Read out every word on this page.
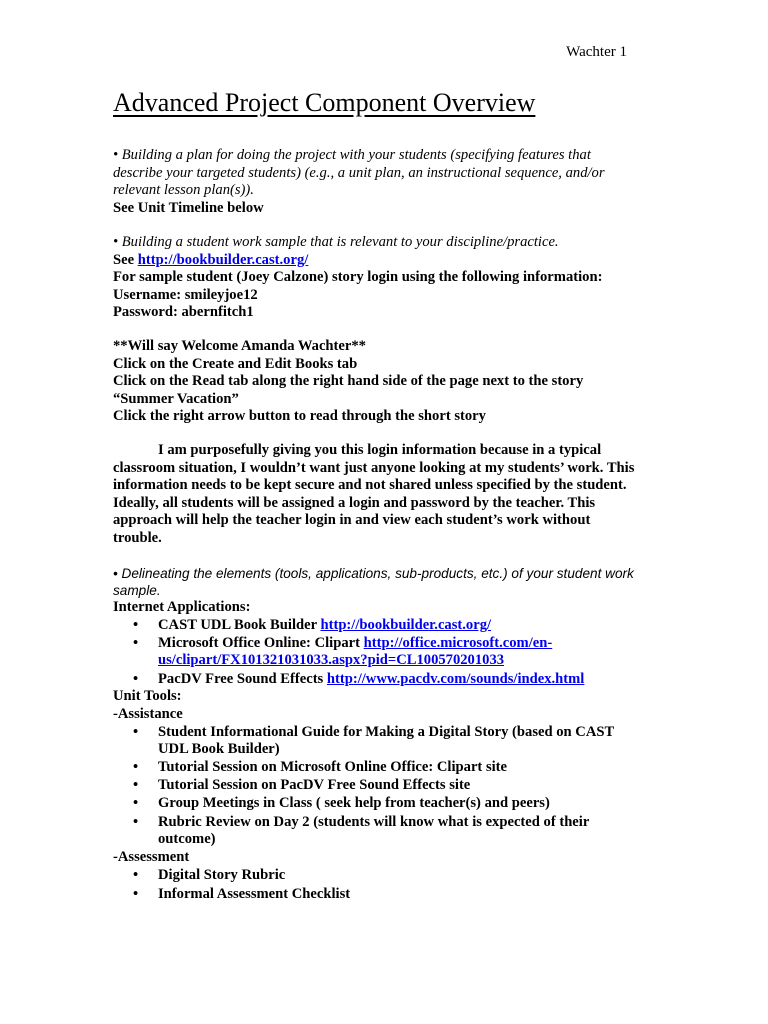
Wachter 1
Advanced Project Component Overview
• Building a plan for doing the project with your students (specifying features that
describe your targeted students) (e.g., a unit plan, an instructional sequence, and/or
relevant lesson plan(s)).
See Unit Timeline below
• Building a student work sample that is relevant to your discipline/practice.
See http://bookbuilder.cast.org/
For sample student (Joey Calzone) story login using the following information:
Username: smileyjoe12
Password: abernfitch1
**Will say Welcome Amanda Wachter**
Click on the Create and Edit Books tab
Click on the Read tab along the right hand side of the page next to the story
“Summer Vacation”
Click the right arrow button to read through the short story
I am purposefully giving you this login information because in a typical
classroom situation, I wouldn’t want just anyone looking at my students’ work. This
information needs to be kept secure and not shared unless specified by the student.
Ideally, all students will be assigned a login and password by the teacher. This
approach will help the teacher login in and view each student’s work without
trouble.
• Delineating the elements (tools, applications, sub-products, etc.) of your student work
sample.
Internet Applications:
• CAST UDL Book Builder http://bookbuilder.cast.org/
• Microsoft Office Online: Clipart http://office.microsoft.com/en-
us/clipart/FX101321031033.aspx?pid=CL100570201033
• PacDV Free Sound Effects http://www.pacdv.com/sounds/index.html
Unit Tools:
-Assistance
• Student Informational Guide for Making a Digital Story (based on CAST
UDL Book Builder)
• Tutorial Session on Microsoft Online Office: Clipart site
• Tutorial Session on PacDV Free Sound Effects site
• Group Meetings in Class ( seek help from teacher(s) and peers)
• Rubric Review on Day 2 (students will know what is expected of their
outcome)
-Assessment
• Digital Story Rubric
• Informal Assessment Checklist
